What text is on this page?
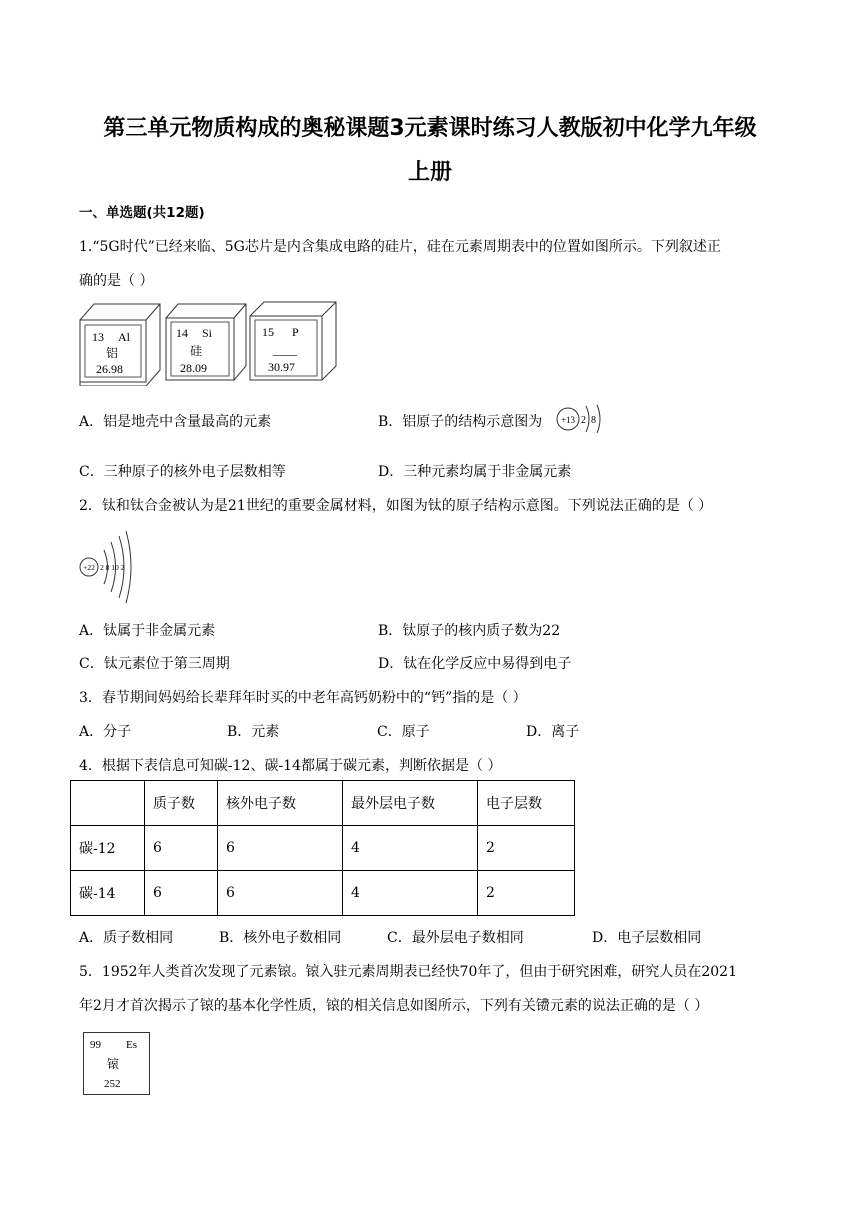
第三单元物质构成的奥秘课题3元素课时练习人教版初中化学九年级
上册
一、单选题(共12题)
1.“5G时代”已经来临、5G芯片是内含集成电路的硅片，硅在元素周期表中的位置如图所示。下列叙述正
确的是（ ）
13 Al
铝
26.98
14 Si
硅
28.09
15 P
____
30.97
A．铝是地壳中含量最高的元素	B．铝原子的结构示意图为 +13 2  8
C．三种原子的核外电子层数相等	D．三种元素均属于非金属元素
2．钛和钛合金被认为是21世纪的重要金属材料，如图为钛的原子结构示意图。下列说法正确的是（ ）
+22 2 8 10 2
A．钛属于非金属元素	B．钛原子的核内质子数为22
C．钛元素位于第三周期	D．钛在化学反应中易得到电子
3．春节期间妈妈给长辈拜年时买的中老年高钙奶粉中的“钙”指的是（ ）
A．分子	B．元素	C．原子	D．离子
4．根据下表信息可知碳-12、碳-14都属于碳元素，判断依据是（ ）
	质子数	核外电子数	最外层电子数	电子层数
碳-12	6	6	4	2
碳-14	6	6	4	2
A．质子数相同	B．核外电子数相同	C．最外层电子数相同	D．电子层数相同
5．1952年人类首次发现了元素锿。锿入驻元素周期表已经快70年了，但由于研究困难，研究人员在2021
年2月才首次揭示了锿的基本化学性质，锿的相关信息如图所示，下列有关镄元素的说法正确的是（ ）
99 Es
锿
252
